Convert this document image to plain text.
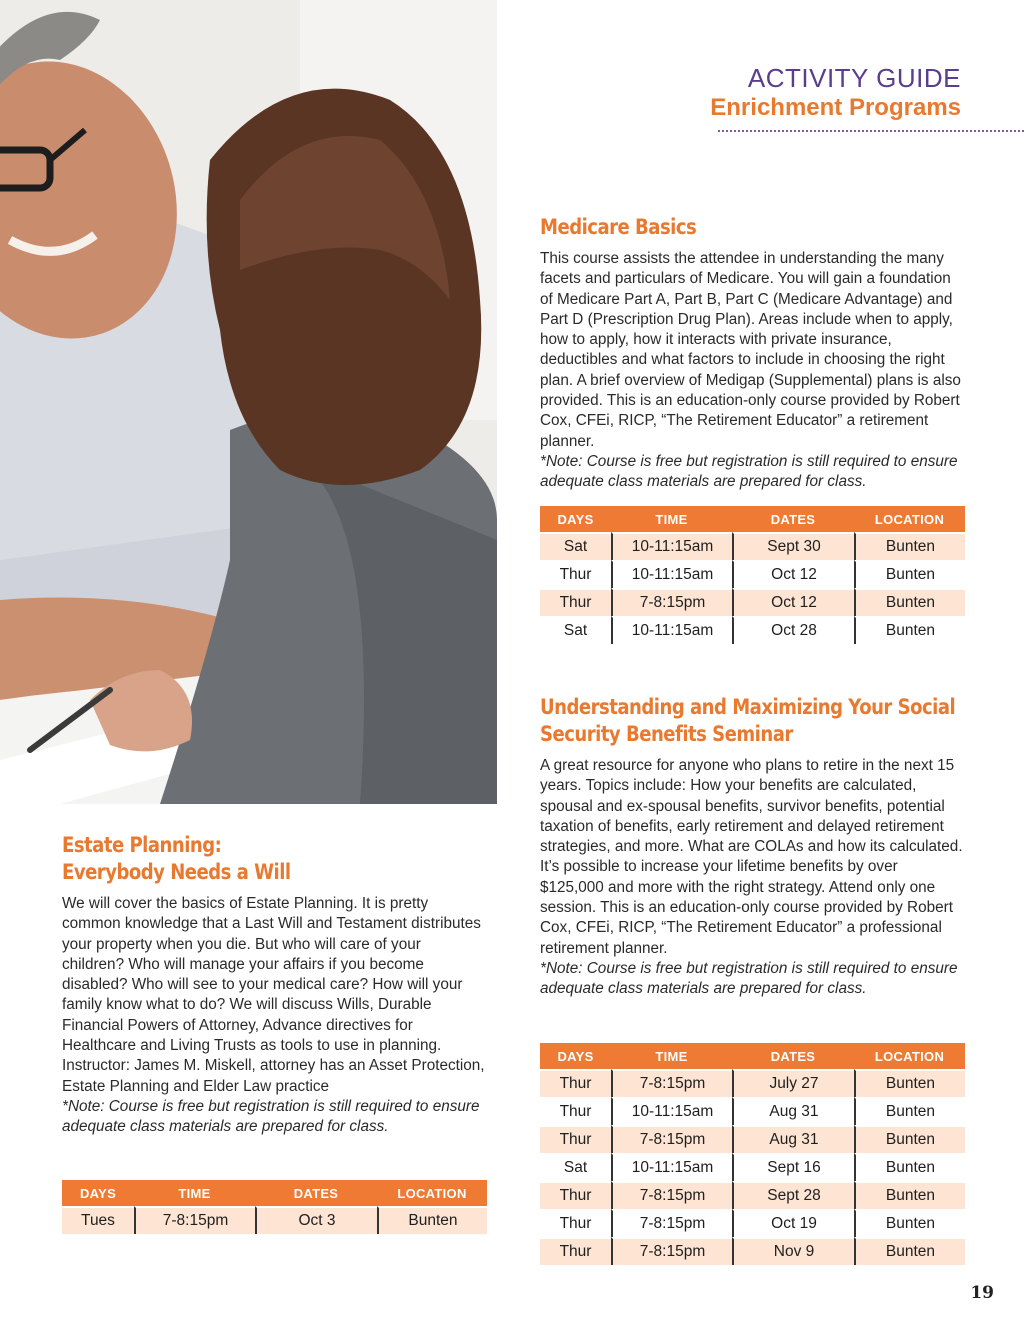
ACTIVITY GUIDE
Enrichment Programs
Medicare Basics

This course assists the attendee in understanding the many facets and particulars of Medicare. You will gain a foundation of Medicare Part A, Part B, Part C (Medicare Advantage) and Part D (Prescription Drug Plan). Areas include when to apply, how to apply, how it interacts with private insurance, deductibles and what factors to include in choosing the right plan. A brief overview of Medigap (Supplemental) plans is also provided. This is an education-only course provided by Robert Cox, CFEi, RICP, “The Retirement Educator” a retirement planner.

*Note: Course is free but registration is still required to ensure adequate class materials are prepared for class.

DAYS	TIME	DATES	LOCATION
Sat	10-11:15am	Sept 30	Bunten
Thur	10-11:15am	Oct 12	Bunten
Thur	7-8:15pm	Oct 12	Bunten
Sat	10-11:15am	Oct 28	Bunten
Understanding and Maximizing Your Social
Security Benefits Seminar

A great resource for anyone who plans to retire in the next 15 years. Topics include: How your benefits are calculated, spousal and ex-spousal benefits, survivor benefits, potential taxation of benefits, early retirement and delayed retirement strategies, and more. What are COLAs and how its calculated.

It’s possible to increase your lifetime benefits by over $125,000 and more with the right strategy. Attend only one session. This is an education-only course provided by Robert Cox, CFEi, RICP, “The Retirement Educator” a professional retirement planner.

*Note: Course is free but registration is still required to ensure adequate class materials are prepared for class.

DAYS	TIME	DATES	LOCATION
Thur	7-8:15pm	July 27	Bunten
Thur	10-11:15am	Aug 31	Bunten
Thur	7-8:15pm	Aug 31	Bunten
Sat	10-11:15am	Sept 16	Bunten
Thur	7-8:15pm	Sept 28	Bunten
Thur	7-8:15pm	Oct 19	Bunten
Thur	7-8:15pm	Nov 9	Bunten
Estate Planning:
Everybody Needs a Will

We will cover the basics of Estate Planning. It is pretty common knowledge that a Last Will and Testament distributes your property when you die. But who will care of your children? Who will manage your affairs if you become disabled? Who will see to your medical care? How will your family know what to do? We will discuss Wills, Durable Financial Powers of Attorney, Advance directives for Healthcare and Living Trusts as tools to use in planning. Instructor: James M. Miskell, attorney has an Asset Protection, Estate Planning and Elder Law practice

*Note: Course is free but registration is still required to ensure adequate class materials are prepared for class.

DAYS	TIME	DATES	LOCATION
Tues	7-8:15pm	Oct 3	Bunten
19
